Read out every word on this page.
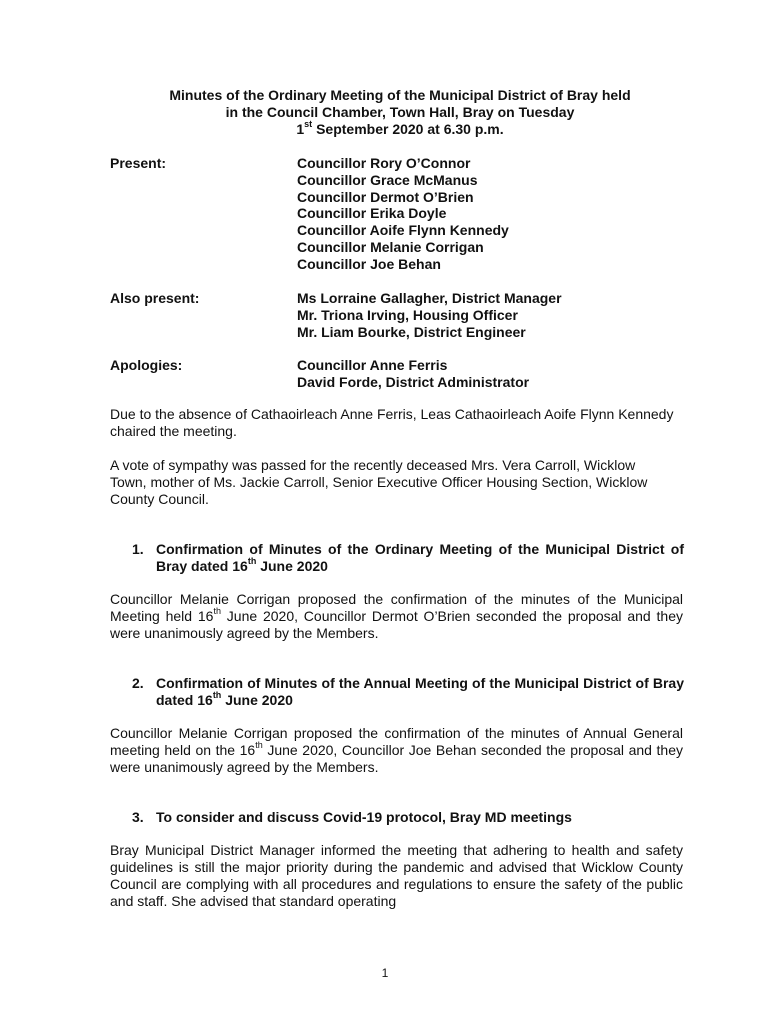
Minutes of the Ordinary Meeting of the Municipal District of Bray held
in the Council Chamber, Town Hall, Bray on Tuesday
1st September 2020 at 6.30 p.m.
Present:	Councillor Rory O’Connor
Councillor Grace McManus
Councillor Dermot O’Brien
Councillor Erika Doyle
Councillor Aoife Flynn Kennedy
Councillor Melanie Corrigan
Councillor Joe Behan
Also present:	Ms Lorraine Gallagher, District Manager
Mr. Triona Irving, Housing Officer
Mr. Liam Bourke, District Engineer
Apologies:	Councillor Anne Ferris
David Forde, District Administrator
Due to the absence of Cathaoirleach Anne Ferris, Leas Cathaoirleach Aoife Flynn Kennedy chaired the meeting.
A vote of sympathy was passed for the recently deceased Mrs. Vera Carroll, Wicklow Town, mother of Ms. Jackie Carroll, Senior Executive Officer Housing Section, Wicklow County Council.
1. Confirmation of Minutes of the Ordinary Meeting of the Municipal District of Bray dated 16th June 2020
Councillor Melanie Corrigan proposed the confirmation of the minutes of the Municipal Meeting held 16th June 2020, Councillor Dermot O’Brien seconded the proposal and they were unanimously agreed by the Members.
2. Confirmation of Minutes of the Annual Meeting of the Municipal District of Bray dated 16th June 2020
Councillor Melanie Corrigan proposed the confirmation of the minutes of Annual General meeting held on the 16th June 2020, Councillor Joe Behan seconded the proposal and they were unanimously agreed by the Members.
3. To consider and discuss Covid-19 protocol, Bray MD meetings
Bray Municipal District Manager informed the meeting that adhering to health and safety guidelines is still the major priority during the pandemic and advised that Wicklow County Council are complying with all procedures and regulations to ensure the safety of the public and staff. She advised that standard operating
1
